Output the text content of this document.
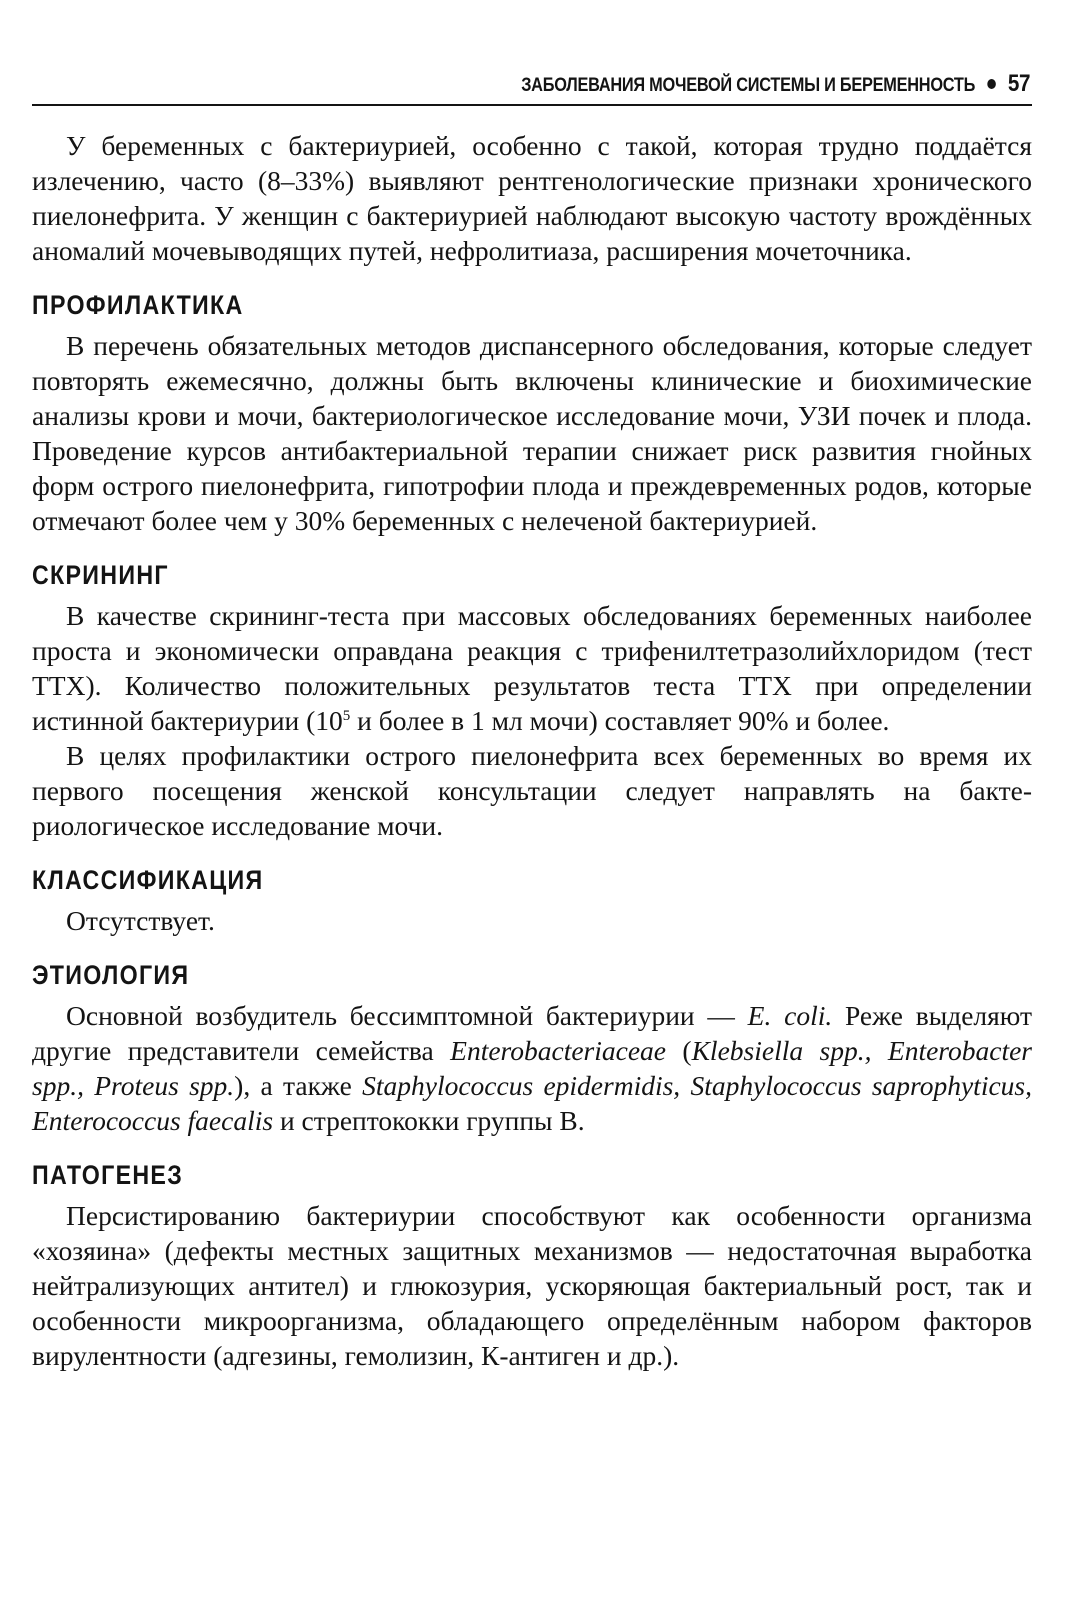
ЗАБОЛЕВАНИЯ МОЧЕВОЙ СИСТЕМЫ И БЕРЕМЕННОСТЬ 57

У беременных с бактериурией, особенно с такой, которая трудно поддаётся излечению, часто (8–33%) выявляют рентгенологические признаки хронического пиелонефрита. У женщин с бактериурией наблюдают высокую частоту врождённых аномалий мочевыводящих путей, нефролитиаза, расширения мочеточника.

ПРОФИЛАКТИКА

В перечень обязательных методов диспансерного обследования, которые следует повторять ежемесячно, должны быть включены клинические и биохимические анализы крови и мочи, бактериологическое исследование мочи, УЗИ почек и плода. Проведение курсов антибактериальной терапии снижает риск развития гнойных форм острого пиелонефрита, гипотрофии плода и преждевременных родов, которые отмечают более чем у 30% беременных с нелеченой бактериурией.

СКРИНИНГ

В качестве скрининг-теста при массовых обследованиях беременных наиболее проста и экономически оправдана реакция с трифенилтетразолийхлоридом (тест ТТХ). Количество положительных результатов теста ТТХ при определении истинной бактериурии ($10^5$ и более в 1 мл мочи) составляет 90% и более.

В целях профилактики острого пиелонефрита всех беременных во время их первого посещения женской консультации следует направлять на бактериологическое исследование мочи.

КЛАССИФИКАЦИЯ

Отсутствует.

ЭТИОЛОГИЯ

Основной возбудитель бессимптомной бактериурии — E. coli. Реже выделяют другие представители семейства Enterobacteriaceae (Klebsiella spp., Enterobacter spp., Proteus spp.), а также Staphylococcus epidermidis, Staphylococcus saprophyticus, Enterococcus faecalis и стрептококки группы В.

ПАТОГЕНЕЗ

Персистированию бактериурии способствуют как особенности организма «хозяина» (дефекты местных защитных механизмов — недостаточная выработка нейтрализующих антител) и глюкозурия, ускоряющая бактериальный рост, так и особенности микроорганизма, обладающего определённым набором факторов вирулентности (адгезины, гемолизин, К-антиген и др.).
